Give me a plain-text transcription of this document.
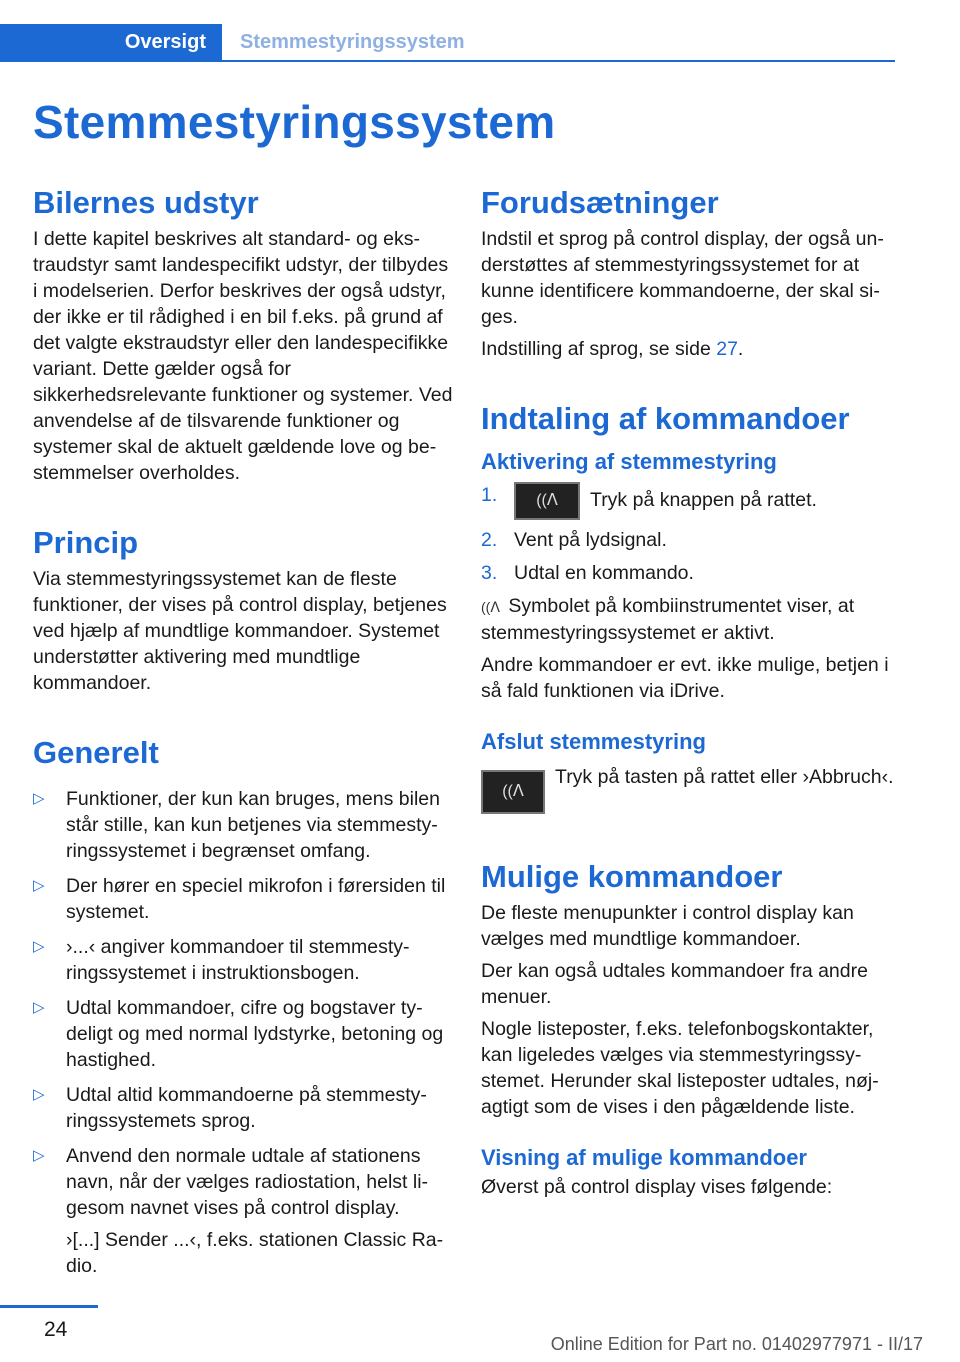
Oversigt	Stemmestyringssystem
Stemmestyringssystem
Bilernes udstyr

I dette kapitel beskrives alt standard- og ekstraudstyr samt landespecifikt udstyr, der tilbydes i modelserien. Derfor beskrives der også udstyr, der ikke er til rådighed i en bil f.eks. på grund af det valgte ekstraudstyr eller den landespecifikke variant. Dette gælder også for sikkerhedsrelevante funktioner og systemer. Ved anvendelse af de tilsvarende funktioner og systemer skal de aktuelt gældende love og bestemmelser overholdes.

Princip

Via stemmestyringssystemet kan de fleste funktioner, der vises på control display, betjenes ved hjælp af mundtlige kommandoer. Systemet understøtter aktivering med mundtlige kommandoer.

Generelt
▷ Funktioner, der kun kan bruges, mens bilen står stille, kan kun betjenes via stemmestyringssystemet i begrænset omfang.
▷ Der hører en speciel mikrofon i førersiden til systemet.
▷ ›...‹ angiver kommandoer til stemmestyringssystemet i instruktionsbogen.
▷ Udtal kommandoer, cifre og bogstaver tydeligt og med normal lydstyrke, betoning og hastighed.
▷ Udtal altid kommandoerne på stemmestyringssystemets sprog.
▷ Anvend den normale udtale af stationens navn, når der vælges radiostation, helst ligesom navnet vises på control display.

›[...] Sender ...‹, f.eks. stationen Classic Radio.

Forudsætninger

Indstil et sprog på control display, der også understøttes af stemmestyringssystemet for at kunne identificere kommandoerne, der skal siges.

Indstilling af sprog, se side 27.

Indtaling af kommandoer
Aktivering af stemmestyring
1.	((ᐱ	Tryk på knappen på rattet.
2. Vent på lydsignal.
3. Udtal en kommando.

((ᐱ Symbolet på kombiinstrumentet viser, at stemmestyringssystemet er aktivt.

Andre kommandoer er evt. ikke mulige, betjen i så fald funktionen via iDrive.

Afslut stemmestyring
((ᐱ
Tryk på tasten på rattet eller ›Abbruch‹.
Mulige kommandoer

De fleste menupunkter i control display kan vælges med mundtlige kommandoer.

Der kan også udtales kommandoer fra andre menuer.

Nogle listeposter, f.eks. telefonbogskontakter, kan ligeledes vælges via stemmestyringssystemet. Herunder skal listeposter udtales, nøjagtigt som de vises i den pågældende liste.

Visning af mulige kommandoer

Øverst på control display vises følgende:

24
Online Edition for Part no. 01402977971 - II/17
